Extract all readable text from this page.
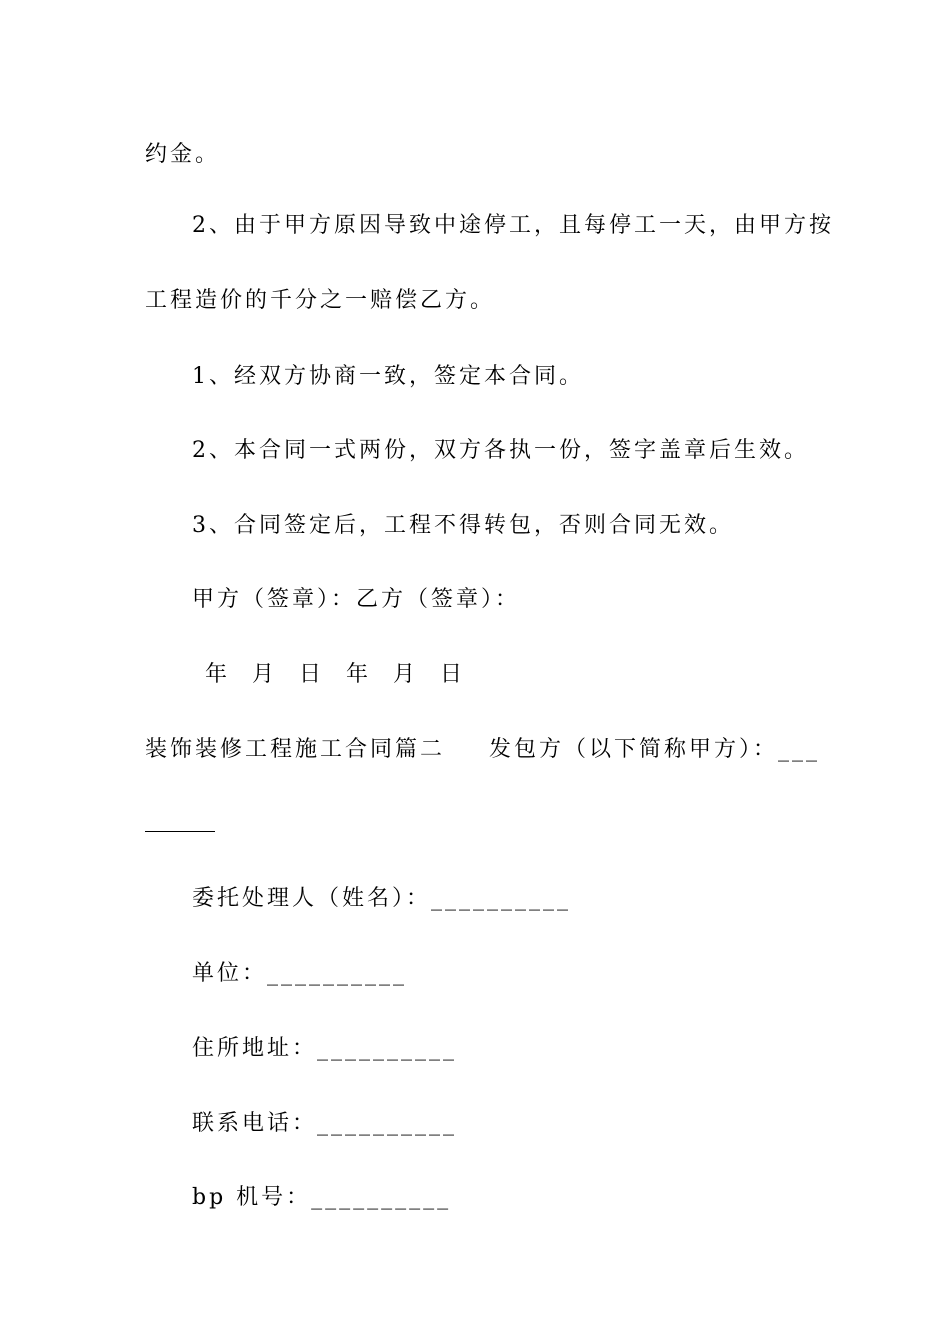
约金。
2、由于甲方原因导致中途停工，且每停工一天，由甲方按
工程造价的千分之一赔偿乙方。
1、经双方协商一致，签定本合同。
2、本合同一式两份，双方各执一份，签字盖章后生效。
3、合同签定后，工程不得转包，否则合同无效。
甲方（签章）：乙方（签章）：
年 月 日 年 月 日
装饰装修工程施工合同篇二 发包方（以下简称甲方）：___
委托处理人（姓名）：__________
单位：__________
住所地址：__________
联系电话：__________
bp 机号：__________
